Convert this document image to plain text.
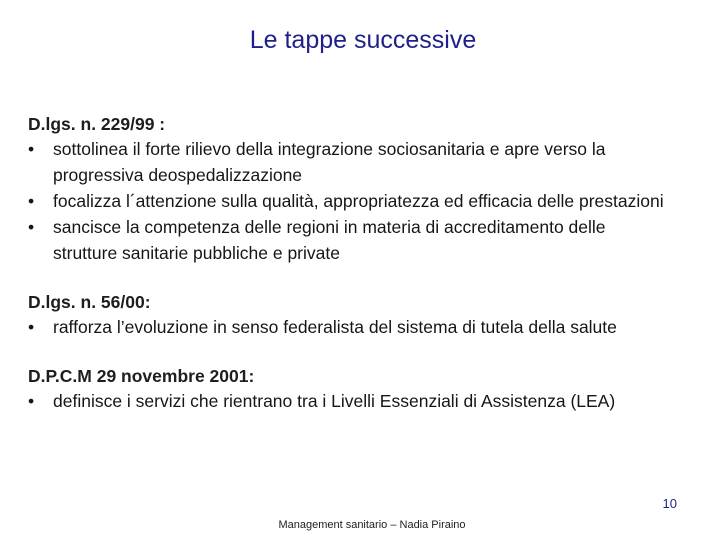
Le tappe successive
D.lgs. n. 229/99 :
• sottolinea il forte rilievo della integrazione sociosanitaria e apre verso la progressiva deospedalizzazione
• focalizza l´attenzione sulla qualità, appropriatezza ed efficacia delle prestazioni
• sancisce la competenza delle regioni in materia di accreditamento delle strutture sanitarie pubbliche e private
D.lgs. n. 56/00:
• rafforza l’evoluzione in senso federalista del sistema di tutela della salute
D.P.C.M 29 novembre 2001:
• definisce i servizi che rientrano tra i Livelli Essenziali di Assistenza (LEA)
10
Management sanitario – Nadia Piraino
